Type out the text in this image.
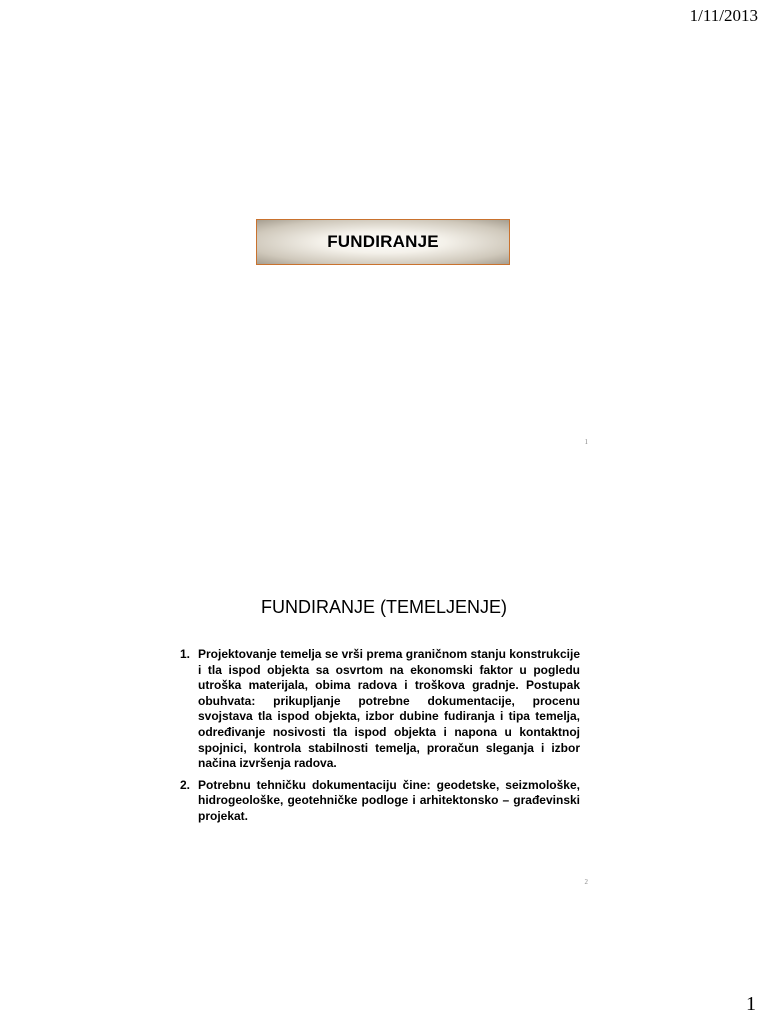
1/11/2013
FUNDIRANJE
1
FUNDIRANJE (TEMELJENJE)
1. Projektovanje temelja se vrši prema graničnom stanju konstrukcije i tla ispod objekta sa osvrtom na ekonomski faktor u pogledu utroška materijala, obima radova i troškova gradnje. Postupak obuhvata: prikupljanje potrebne dokumentacije, procenu svojstava tla ispod objekta, izbor dubine fudiranja i tipa temelja, određivanje nosivosti tla ispod objekta i napona u kontaktnoj spojnici, kontrola stabilnosti temelja, proračun sleganja i izbor načina izvršenja radova.
2. Potrebnu tehničku dokumentaciju čine: geodetske, seizmološke, hidrogeološke, geotehničke podloge i arhitektonsko – građevinski projekat.
2
1
